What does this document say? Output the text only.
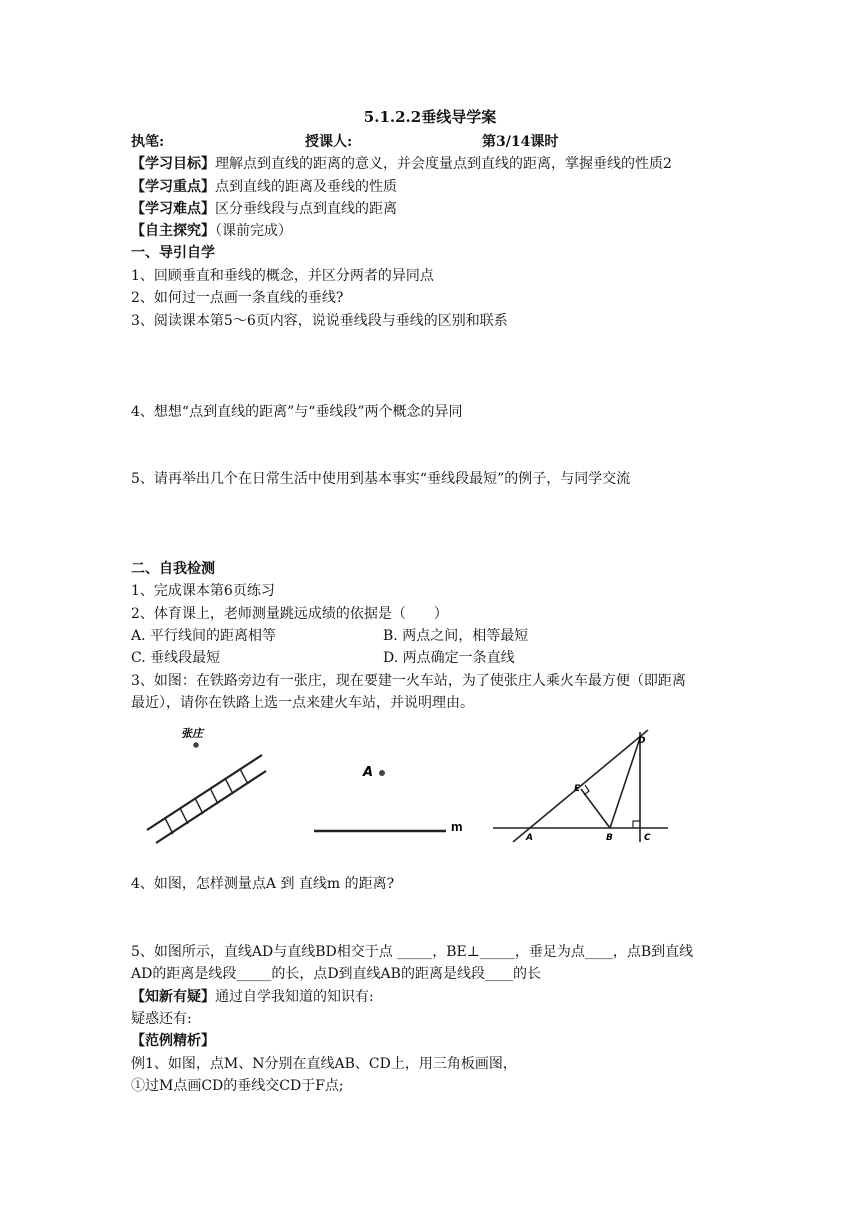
5.1.2.2垂线导学案
执笔:	授课人:	第3/14课时
【学习目标】理解点到直线的距离的意义，并会度量点到直线的距离，掌握垂线的性质2
【学习重点】点到直线的距离及垂线的性质
【学习难点】区分垂线段与点到直线的距离
【自主探究】（课前完成）
一、导引自学
1、回顾垂直和垂线的概念，并区分两者的异同点
2、如何过一点画一条直线的垂线?
3、阅读课本第5～6页内容，说说垂线段与垂线的区别和联系
4、想想“点到直线的距离”与“垂线段”两个概念的异同
5、请再举出几个在日常生活中使用到基本事实“垂线段最短”的例子，与同学交流
二、自我检测
1、完成课本第6页练习
2、体育课上，老师测量跳远成绩的依据是（　　）
A. 平行线间的距离相等	B. 两点之间，相等最短
C. 垂线段最短	D. 两点确定一条直线
3、如图：在铁路旁边有一张庄，现在要建一火车站，为了使张庄人乘火车最方便（即距离
最近），请你在铁路上选一点来建火车站，并说明理由。
张庄
A
m
D
E
A	B	C
4、如图，怎样测量点A 到 直线m 的距离?
5、如图所示，直线AD与直线BD相交于点 _____，BE⊥_____，垂足为点____，点B到直线
AD的距离是线段_____的长，点D到直线AB的距离是线段____的长
【知新有疑】通过自学我知道的知识有:
疑惑还有:
【范例精析】
例1、如图，点M、N分别在直线AB、CD上，用三角板画图，
①过M点画CD的垂线交CD于F点;
